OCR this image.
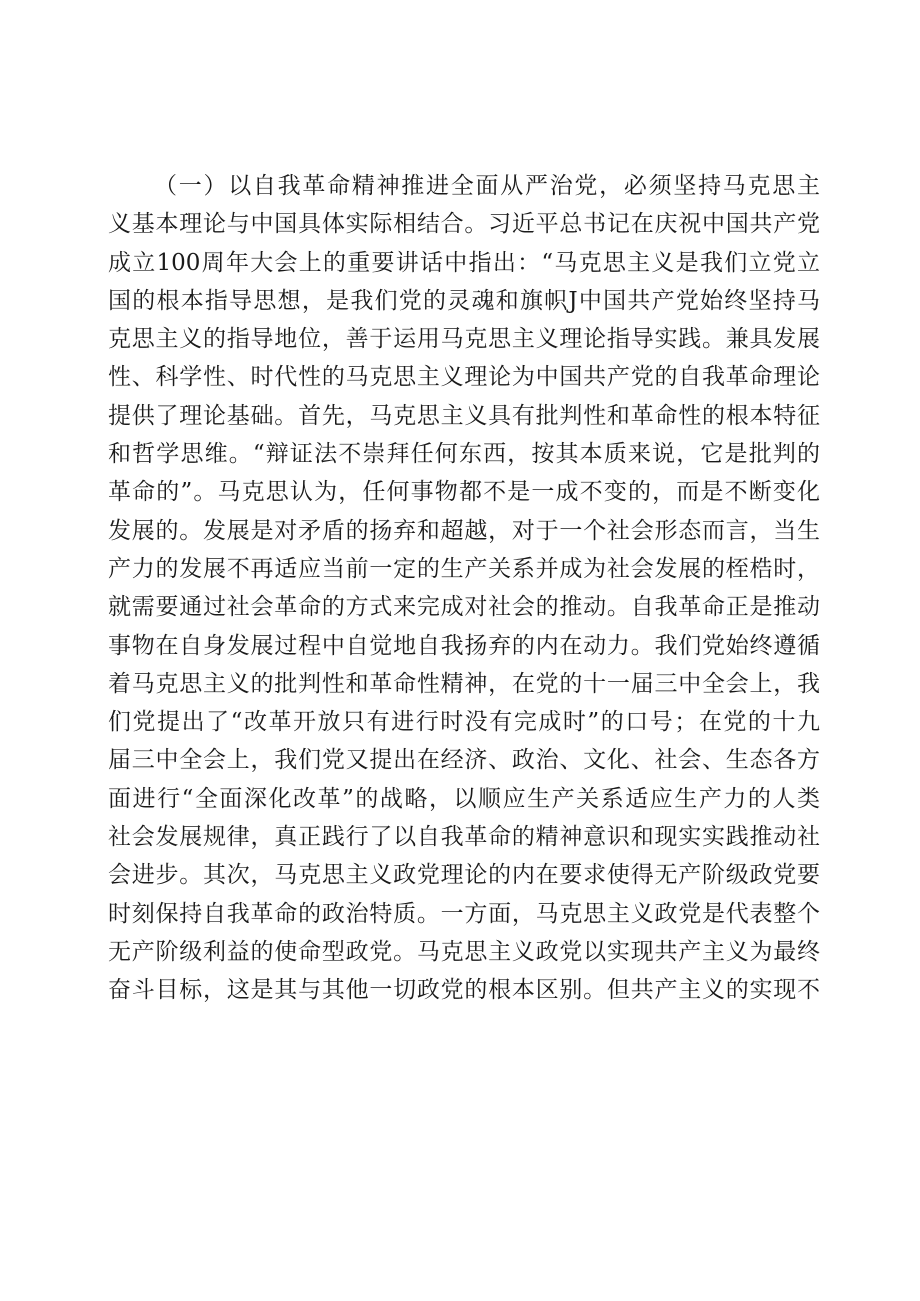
（一）以自我革命精神推进全面从严治党，必须坚持马克思主
义基本理论与中国具体实际相结合。习近平总书记在庆祝中国共产党
成立100周年大会上的重要讲话中指出：“马克思主义是我们立党立
国的根本指导思想，是我们党的灵魂和旗帜J中国共产党始终坚持马
克思主义的指导地位，善于运用马克思主义理论指导实践。兼具发展
性、科学性、时代性的马克思主义理论为中国共产党的自我革命理论
提供了理论基础。首先，马克思主义具有批判性和革命性的根本特征
和哲学思维。“辩证法不崇拜任何东西，按其本质来说，它是批判的
革命的”。马克思认为，任何事物都不是一成不变的，而是不断变化
发展的。发展是对矛盾的扬弃和超越，对于一个社会形态而言，当生
产力的发展不再适应当前一定的生产关系并成为社会发展的桎梏时，
就需要通过社会革命的方式来完成对社会的推动。自我革命正是推动
事物在自身发展过程中自觉地自我扬弃的内在动力。我们党始终遵循
着马克思主义的批判性和革命性精神，在党的十一届三中全会上，我
们党提出了“改革开放只有进行时没有完成时”的口号；在党的十九
届三中全会上，我们党又提出在经济、政治、文化、社会、生态各方
面进行“全面深化改革”的战略，以顺应生产关系适应生产力的人类
社会发展规律，真正践行了以自我革命的精神意识和现实实践推动社
会进步。其次，马克思主义政党理论的内在要求使得无产阶级政党要
时刻保持自我革命的政治特质。一方面，马克思主义政党是代表整个
无产阶级利益的使命型政党。马克思主义政党以实现共产主义为最终
奋斗目标，这是其与其他一切政党的根本区别。但共产主义的实现不
